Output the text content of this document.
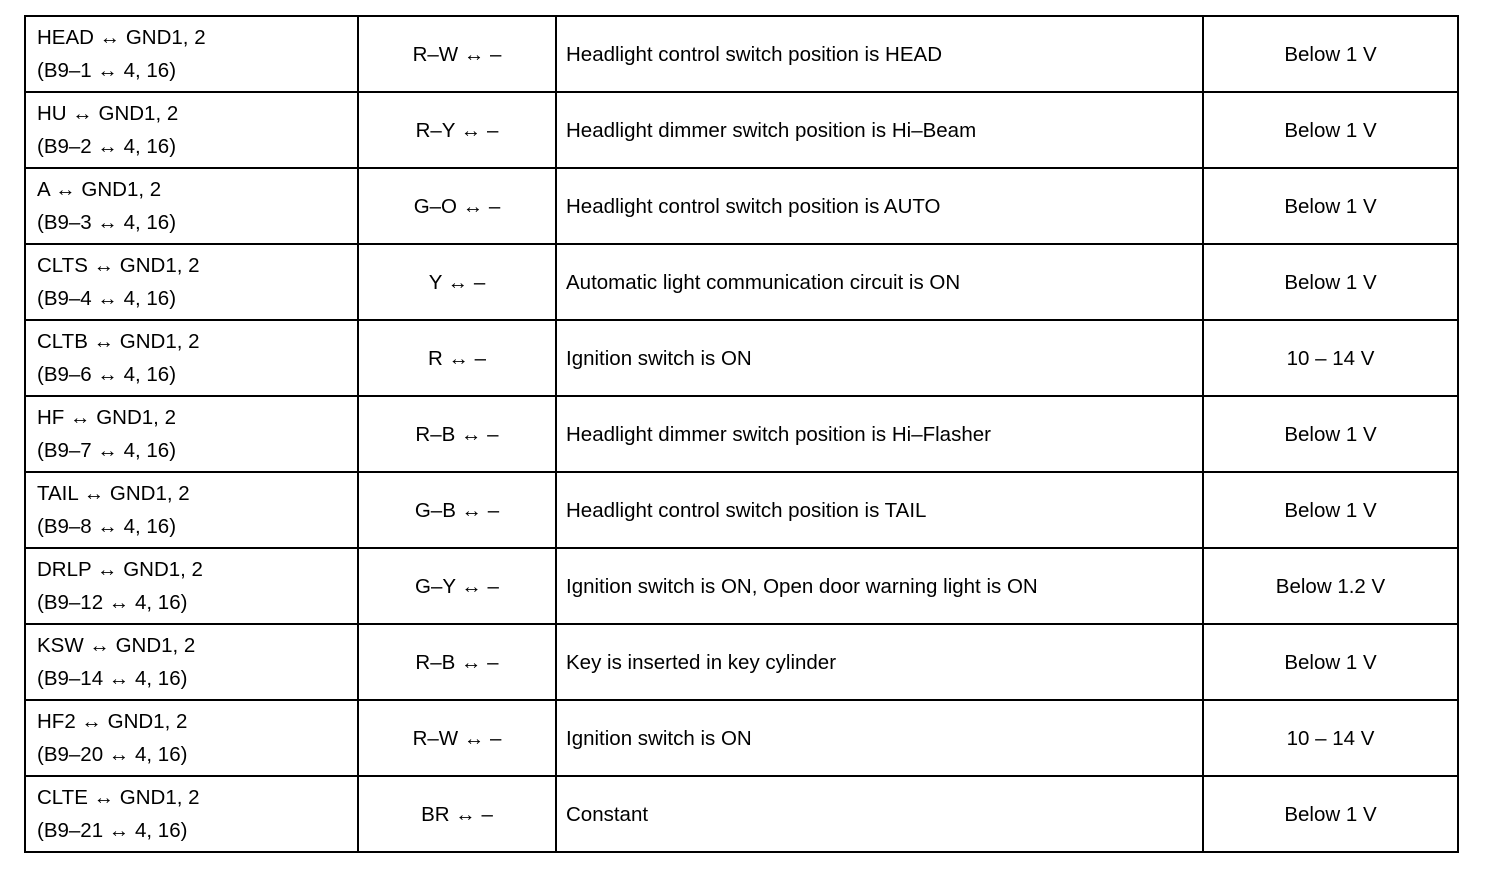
HEAD ↔ GND1, 2
(B9–1 ↔ 4, 16)	R–W ↔ –	Headlight control switch position is HEAD	Below 1 V

HU ↔ GND1, 2
(B9–2 ↔ 4, 16)	R–Y ↔ –	Headlight dimmer switch position is Hi–Beam	Below 1 V

A ↔ GND1, 2
(B9–3 ↔ 4, 16)	G–O ↔ –	Headlight control switch position is AUTO	Below 1 V

CLTS ↔ GND1, 2
(B9–4 ↔ 4, 16)	Y ↔ –	Automatic light communication circuit is ON	Below 1 V

CLTB ↔ GND1, 2
(B9–6 ↔ 4, 16)	R ↔ –	Ignition switch is ON	10 – 14 V

HF ↔ GND1, 2
(B9–7 ↔ 4, 16)	R–B ↔ –	Headlight dimmer switch position is Hi–Flasher	Below 1 V

TAIL ↔ GND1, 2
(B9–8 ↔ 4, 16)	G–B ↔ –	Headlight control switch position is TAIL	Below 1 V

DRLP ↔ GND1, 2
(B9–12 ↔ 4, 16)	G–Y ↔ –	Ignition switch is ON, Open door warning light is ON	Below 1.2 V

KSW ↔ GND1, 2
(B9–14 ↔ 4, 16)	R–B ↔ –	Key is inserted in key cylinder	Below 1 V

HF2 ↔ GND1, 2
(B9–20 ↔ 4, 16)	R–W ↔ –	Ignition switch is ON	10 – 14 V

CLTE ↔ GND1, 2
(B9–21 ↔ 4, 16)	BR ↔ –	Constant	Below 1 V
